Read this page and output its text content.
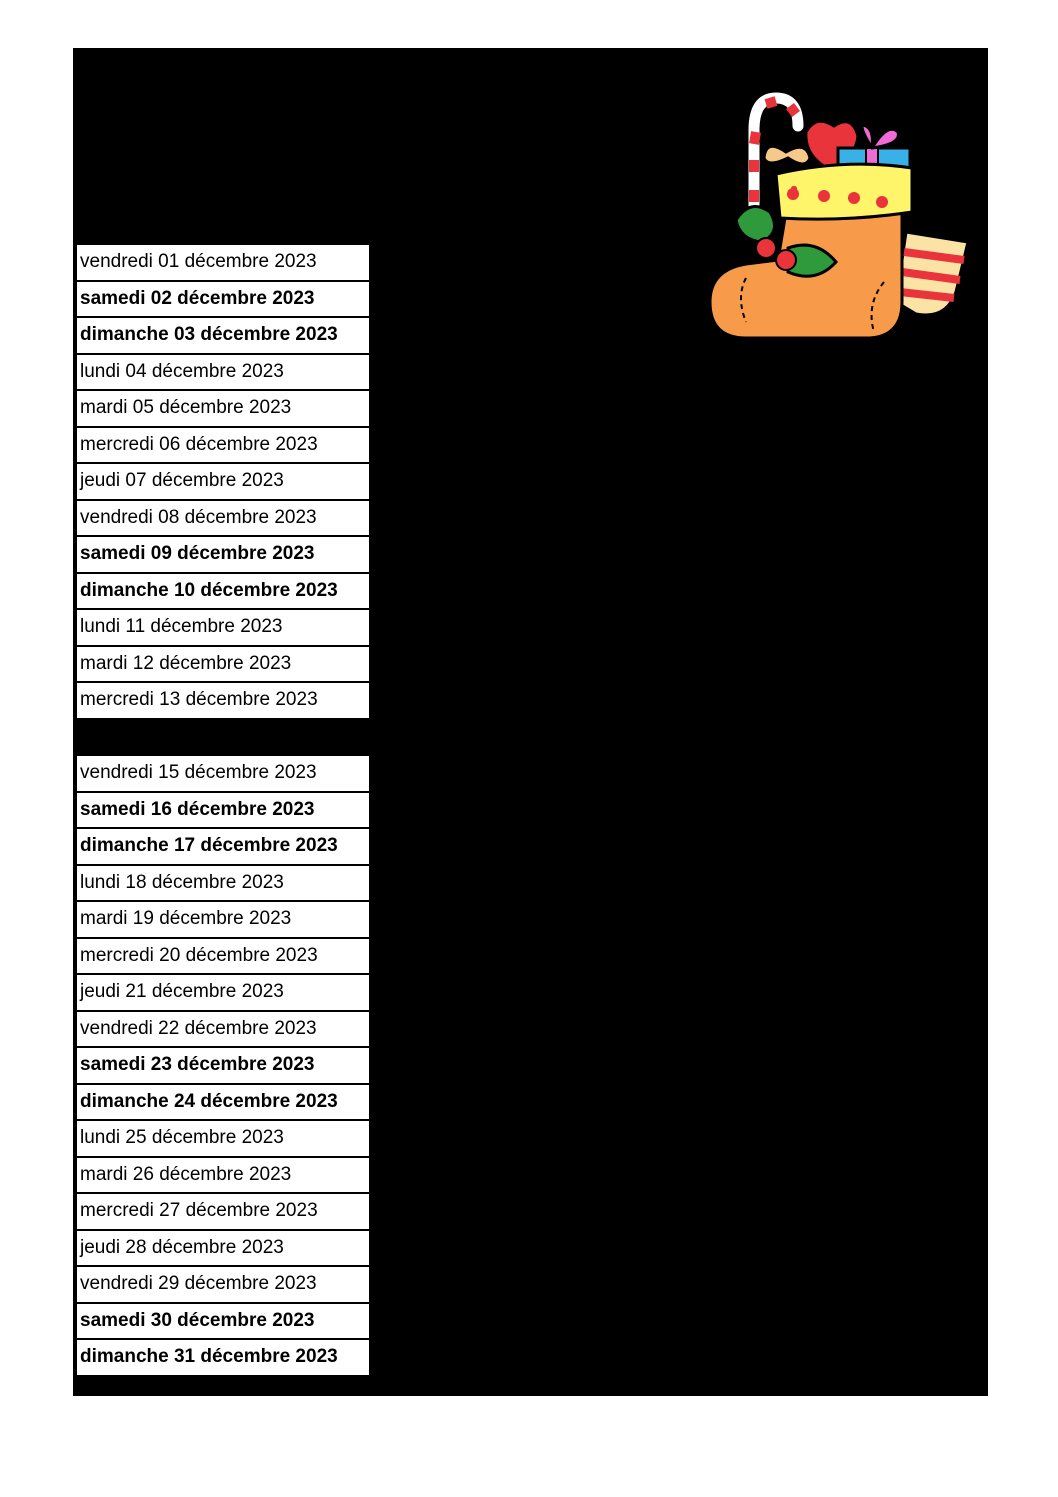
vendredi 01 décembre 2023
samedi 02 décembre 2023
dimanche 03 décembre 2023
lundi 04 décembre 2023
mardi 05 décembre 2023
mercredi 06 décembre 2023
jeudi 07 décembre 2023
vendredi 08 décembre 2023
samedi 09 décembre 2023
dimanche 10 décembre 2023
lundi 11 décembre 2023
mardi 12 décembre 2023
mercredi 13 décembre 2023
vendredi 15 décembre 2023
samedi 16 décembre 2023
dimanche 17 décembre 2023
lundi 18 décembre 2023
mardi 19 décembre 2023
mercredi 20 décembre 2023
jeudi 21 décembre 2023
vendredi 22 décembre 2023
samedi 23 décembre 2023
dimanche 24 décembre 2023
lundi 25 décembre 2023
mardi 26 décembre 2023
mercredi 27 décembre 2023
jeudi 28 décembre 2023
vendredi 29 décembre 2023
samedi 30 décembre 2023
dimanche 31 décembre 2023
